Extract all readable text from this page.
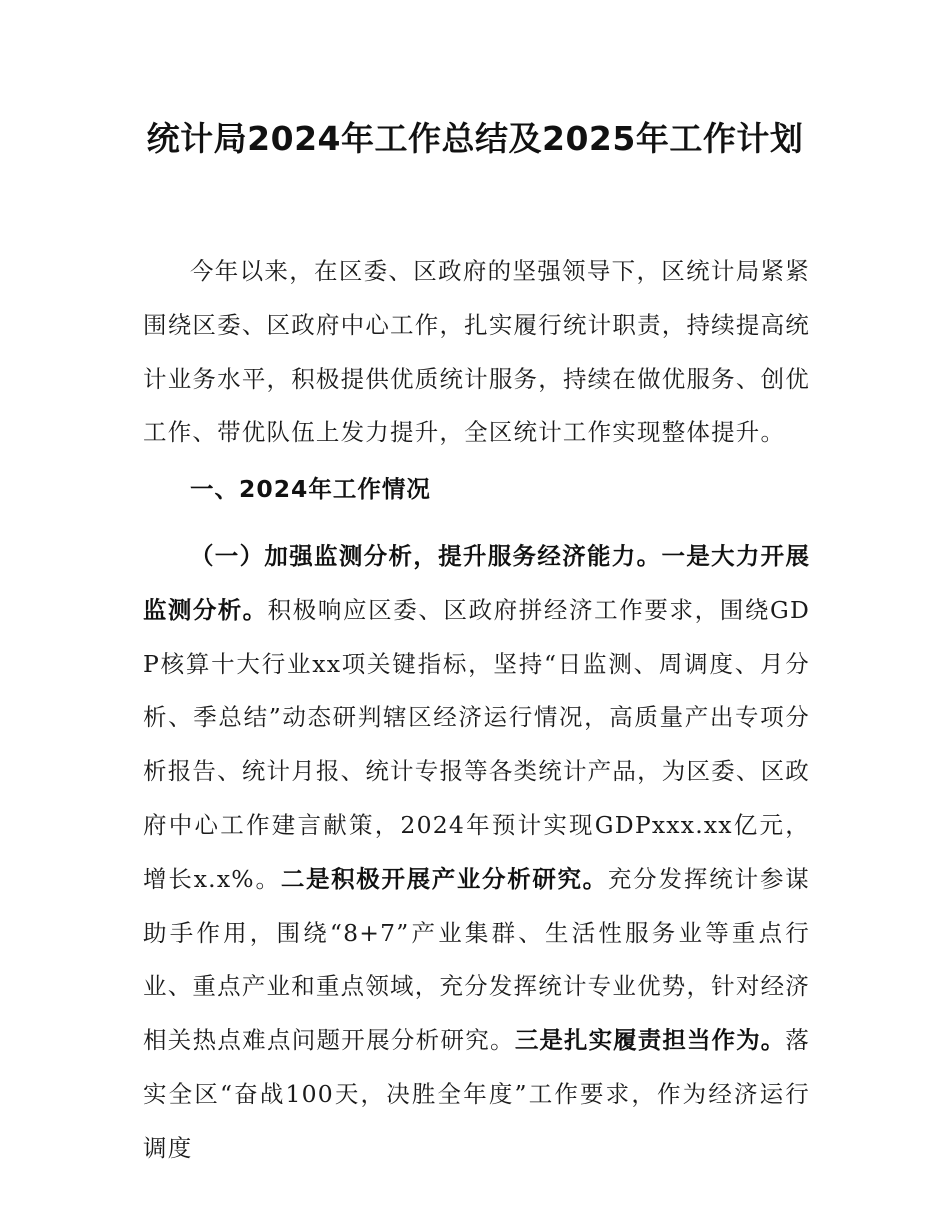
统计局2024年工作总结及2025年工作计划

今年以来，在区委、区政府的坚强领导下，区统计局紧紧围绕区委、区政府中心工作，扎实履行统计职责，持续提高统计业务水平，积极提供优质统计服务，持续在做优服务、创优工作、带优队伍上发力提升，全区统计工作实现整体提升。

一、2024年工作情况

（一）加强监测分析，提升服务经济能力。一是大力开展监测分析。积极响应区委、区政府拼经济工作要求，围绕GDP核算十大行业xx项关键指标，坚持“日监测、周调度、月分析、季总结”动态研判辖区经济运行情况，高质量产出专项分析报告、统计月报、统计专报等各类统计产品，为区委、区政府中心工作建言献策，2024年预计实现GDPxxx.xx亿元，增长x.x%。二是积极开展产业分析研究。充分发挥统计参谋助手作用，围绕“8+7”产业集群、生活性服务业等重点行业、重点产业和重点领域，充分发挥统计专业优势，针对经济相关热点难点问题开展分析研究。三是扎实履责担当作为。落实全区“奋战100天，决胜全年度”工作要求，作为经济运行调度
